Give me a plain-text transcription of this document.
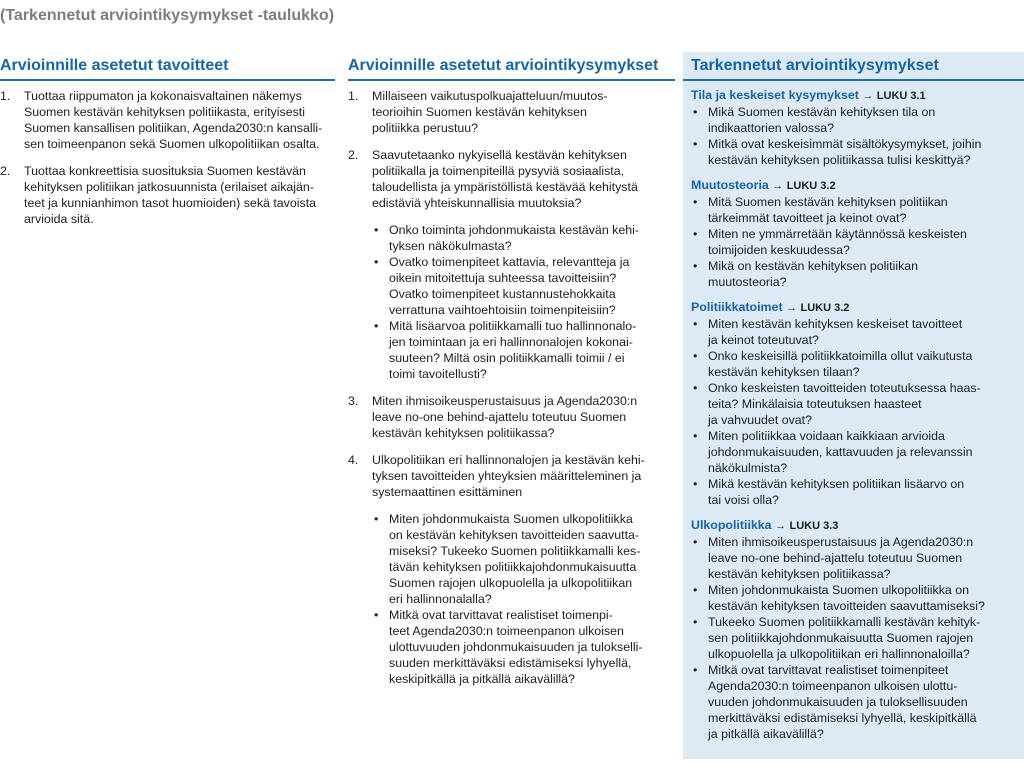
(Tarkennetut arviointikysymykset -taulukko)
Arvioinnille asetetut tavoitteet
1. Tuottaa riippumaton ja kokonaisvaltainen näkemys
Suomen kestävän kehityksen politiikasta, erityisesti
Suomen kansallisen politiikan, Agenda2030:n kansalli-
sen toimeenpanon sekä Suomen ulkopolitiikan osalta.
2. Tuottaa konkreettisia suosituksia Suomen kestävän
kehityksen politiikan jatkosuunnista (erilaiset aikajän-
teet ja kunnianhimon tasot huomioiden) sekä tavoista
arvioida sitä.
Arvioinnille asetetut arviointikysymykset
1. Millaiseen vaikutuspolkuajatteluun/muutos-
teorioihin Suomen kestävän kehityksen
politiikka perustuu?
2. Saavutetaanko nykyisellä kestävän kehityksen
politiikalla ja toimenpiteillä pysyviä sosiaalista,
taloudellista ja ympäristöllistä kestävää kehitystä
edistäviä yhteiskunnallisia muutoksia?
• Onko toiminta johdonmukaista kestävän kehi-
tyksen näkökulmasta?
• Ovatko toimenpiteet kattavia, relevantteja ja
oikein mitoitettuja suhteessa tavoitteisiin?
Ovatko toimenpiteet kustannustehokkaita
verrattuna vaihtoehtoisiin toimenpiteisiin?
• Mitä lisäarvoa politiikkamalli tuo hallinnonalo-
jen toimintaan ja eri hallinnonalojen kokonai-
suuteen? Miltä osin politiikkamalli toimii / ei
toimi tavoitellusti?
3. Miten ihmisoikeusperustaisuus ja Agenda2030:n
leave no-one behind-ajattelu toteutuu Suomen
kestävän kehityksen politiikassa?
4. Ulkopolitiikan eri hallinnonalojen ja kestävän kehi-
tyksen tavoitteiden yhteyksien määritteleminen ja
systemaattinen esittäminen
• Miten johdonmukaista Suomen ulkopolitiikka
on kestävän kehityksen tavoitteiden saavutta-
miseksi? Tukeeko Suomen politiikkamalli kes-
tävän kehityksen politiikkajohdonmukaisuutta
Suomen rajojen ulkopuolella ja ulkopolitiikan
eri hallinnonalalla?
• Mitkä ovat tarvittavat realistiset toimenpi-
teet Agenda2030:n toimeenpanon ulkoisen
ulottuvuuden johdonmukaisuuden ja tulokselli-
suuden merkittäväksi edistämiseksi lyhyellä,
keskipitkällä ja pitkällä aikavälillä?
Tarkennetut arviointikysymykset
Tila ja keskeiset kysymykset → LUKU 3.1
• Mikä Suomen kestävän kehityksen tila on
indikaattorien valossa?
• Mitkä ovat keskeisimmät sisältökysymykset, joihin
kestävän kehityksen politiikassa tulisi keskittyä?
Muutosteoria → LUKU 3.2
• Mitä Suomen kestävän kehityksen politiikan
tärkeimmät tavoitteet ja keinot ovat?
• Miten ne ymmärretään käytännössä keskeisten
toimijoiden keskuudessa?
• Mikä on kestävän kehityksen politiikan
muutosteoria?
Politiikkatoimet → LUKU 3.2
• Miten kestävän kehityksen keskeiset tavoitteet
ja keinot toteutuvat?
• Onko keskeisillä politiikkatoimilla ollut vaikutusta
kestävän kehityksen tilaan?
• Onko keskeisten tavoitteiden toteutuksessa haas-
teita? Minkälaisia toteutuksen haasteet
ja vahvuudet ovat?
• Miten politiikkaa voidaan kaikkiaan arvioida
johdonmukaisuuden, kattavuuden ja relevanssin
näkökulmista?
• Mikä kestävän kehityksen politiikan lisäarvo on
tai voisi olla?
Ulkopolitiikka → LUKU 3.3
• Miten ihmisoikeusperustaisuus ja Agenda2030:n
leave no-one behind-ajattelu toteutuu Suomen
kestävän kehityksen politiikassa?
• Miten johdonmukaista Suomen ulkopolitiikka on
kestävän kehityksen tavoitteiden saavuttamiseksi?
• Tukeeko Suomen politiikkamalli kestävän kehityk-
sen politiikkajohdonmukaisuutta Suomen rajojen
ulkopuolella ja ulkopolitiikan eri hallinnonaloilla?
• Mitkä ovat tarvittavat realistiset toimenpiteet
Agenda2030:n toimeenpanon ulkoisen ulottu-
vuuden johdonmukaisuuden ja tuloksellisuuden
merkittäväksi edistämiseksi lyhyellä, keskipitkällä
ja pitkällä aikavälillä?
